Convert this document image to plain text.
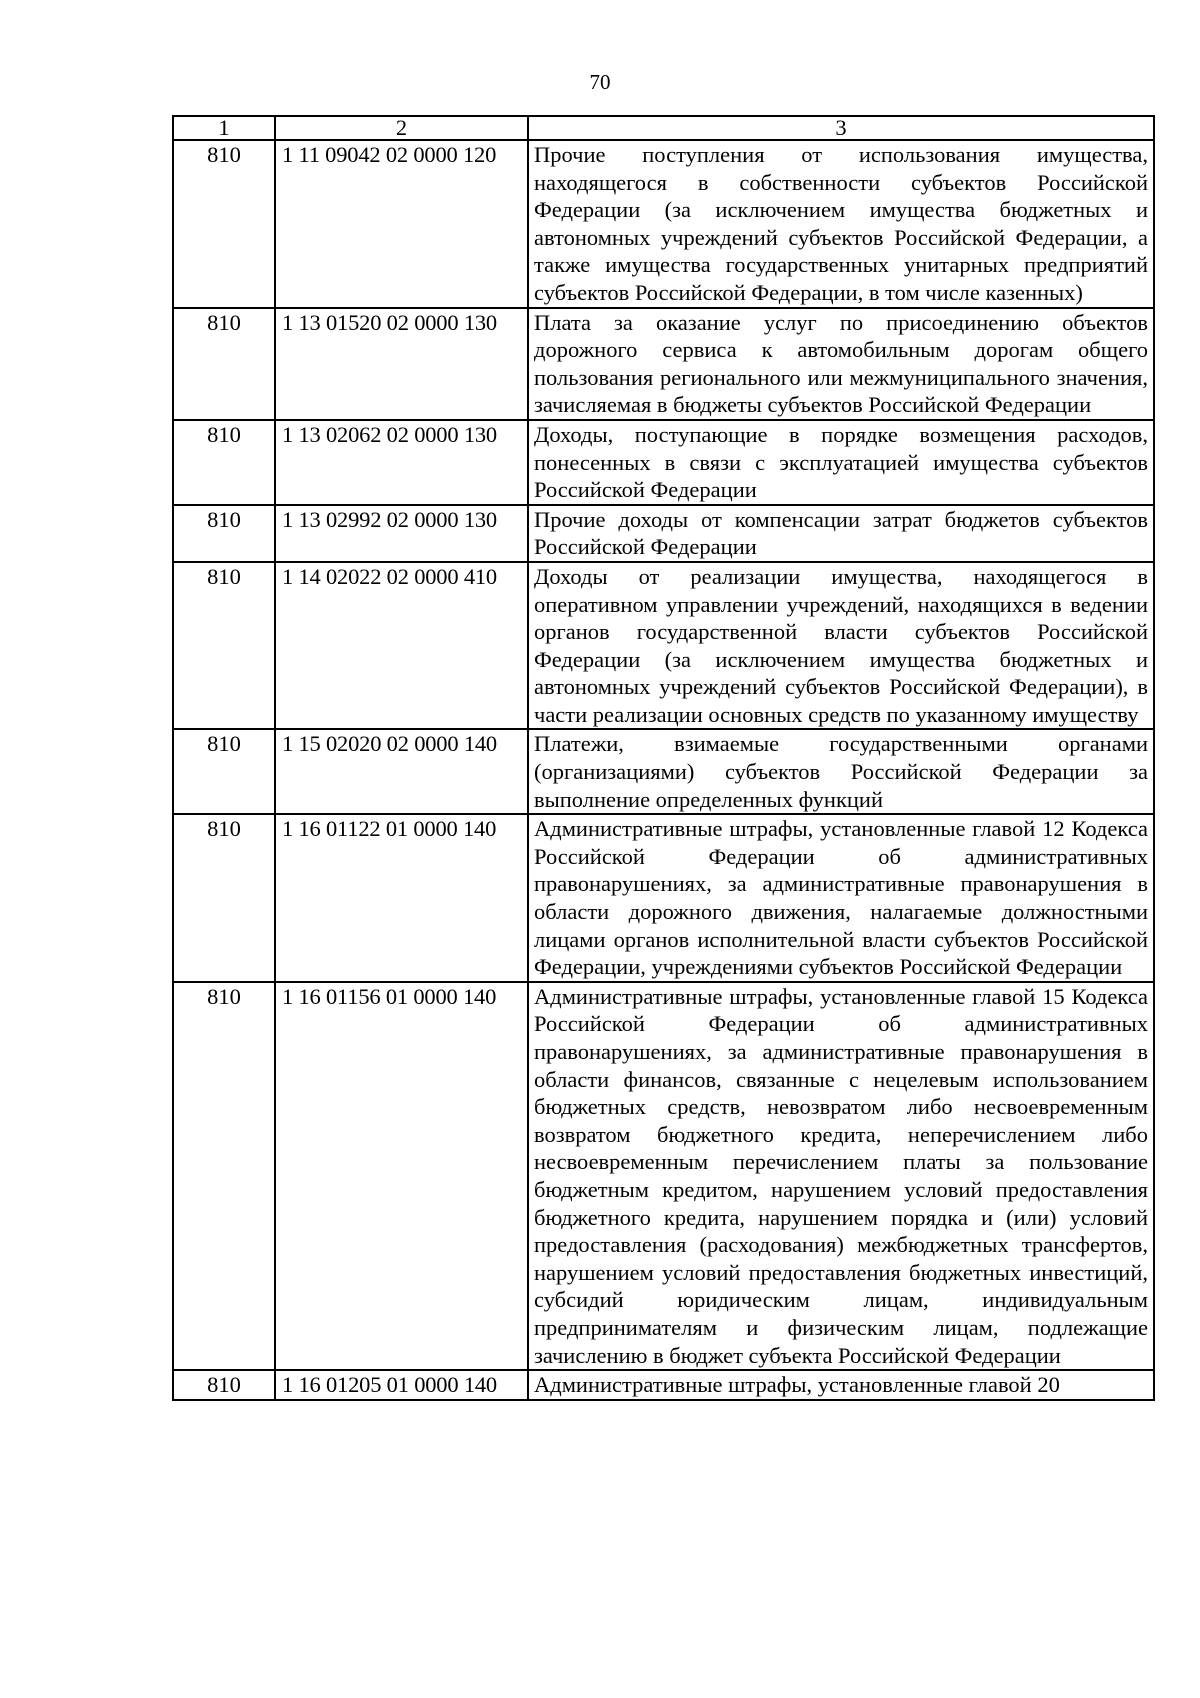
70
1	2	3
810	1 11 09042 02 0000 120	Прочие поступления от использования имущества, находящегося в собственности субъектов Российской Федерации (за исключением имущества бюджетных и автономных учреждений субъектов Российской Федерации, а также имущества государственных унитарных предприятий субъектов Российской Федерации, в том числе казенных)
810	1 13 01520 02 0000 130	Плата за оказание услуг по присоединению объектов дорожного сервиса к автомобильным дорогам общего пользования регионального или межмуниципального значения, зачисляемая в бюджеты субъектов Российской Федерации
810	1 13 02062 02 0000 130	Доходы, поступающие в порядке возмещения расходов, понесенных в связи с эксплуатацией имущества субъектов Российской Федерации
810	1 13 02992 02 0000 130	Прочие доходы от компенсации затрат бюджетов субъектов Российской Федерации
810	1 14 02022 02 0000 410	Доходы от реализации имущества, находящегося в оперативном управлении учреждений, находящихся в ведении органов государственной власти субъектов Российской Федерации (за исключением имущества бюджетных и автономных учреждений субъектов Российской Федерации), в части реализации основных средств по указанному имуществу
810	1 15 02020 02 0000 140	Платежи, взимаемые государственными органами (организациями) субъектов Российской Федерации за выполнение определенных функций
810	1 16 01122 01 0000 140	Административные штрафы, установленные главой 12 Кодекса Российской Федерации об административных правонарушениях, за административные правонарушения в области дорожного движения, налагаемые должностными лицами органов исполнительной власти субъектов Российской Федерации, учреждениями субъектов Российской Федерации
810	1 16 01156 01 0000 140	Административные штрафы, установленные главой 15 Кодекса Российской Федерации об административных правонарушениях, за административные правонарушения в области финансов, связанные с нецелевым использованием бюджетных средств, невозвратом либо несвоевременным возвратом бюджетного кредита, неперечислением либо несвоевременным перечислением платы за пользование бюджетным кредитом, нарушением условий предоставления бюджетного кредита, нарушением порядка и (или) условий предоставления (расходования) межбюджетных трансфертов, нарушением условий предоставления бюджетных инвестиций, субсидий юридическим лицам, индивидуальным предпринимателям и физическим лицам, подлежащие зачислению в бюджет субъекта Российской Федерации
810	1 16 01205 01 0000 140	Административные штрафы, установленные главой 20
